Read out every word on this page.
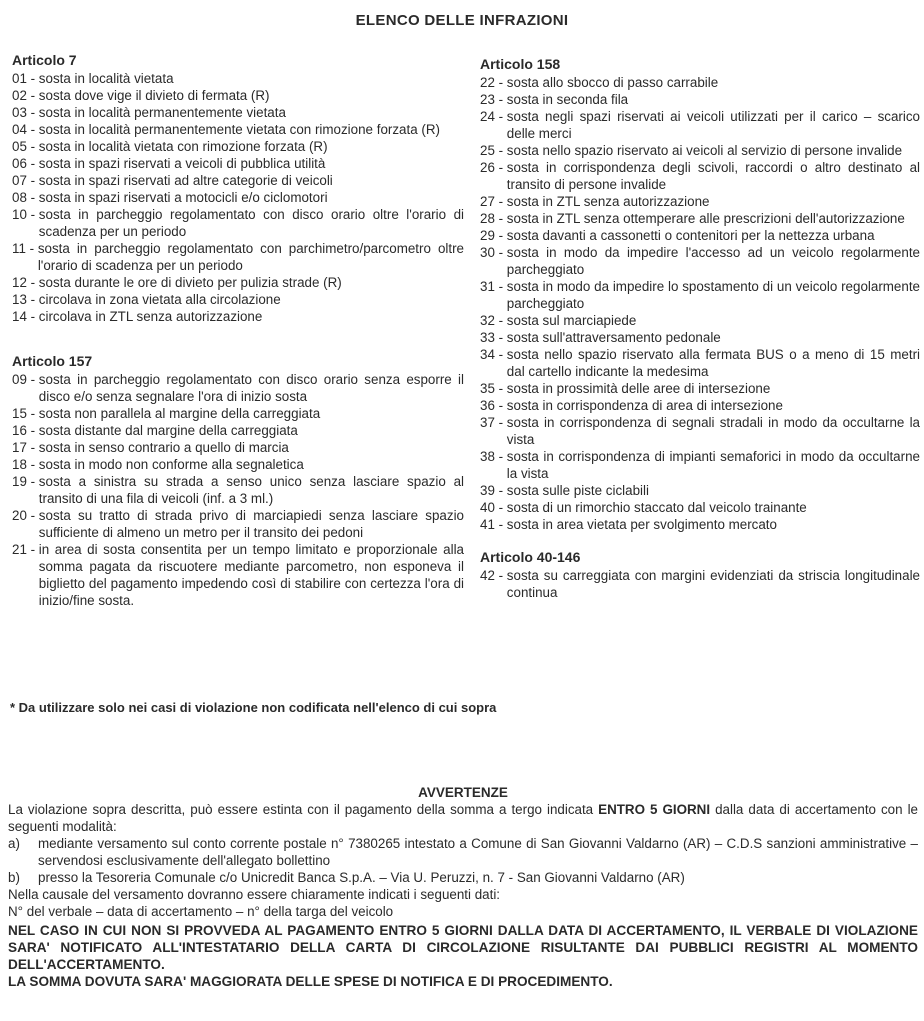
ELENCO DELLE INFRAZIONI
Articolo 7
01 - sosta in località vietata
02 - sosta dove vige il divieto di fermata (R)
03 - sosta in località permanentemente vietata
04 - sosta in località permanentemente vietata con rimozione forzata (R)
05 - sosta in località vietata con rimozione forzata (R)
06 - sosta in spazi riservati a veicoli di pubblica utilità
07 - sosta in spazi riservati ad altre categorie di veicoli
08 - sosta in spazi riservati a motocicli e/o ciclomotori
10 - sosta in parcheggio regolamentato con disco orario oltre l'orario di scadenza per un periodo
11 - sosta in parcheggio regolamentato con parchimetro/parcometro oltre l'orario di scadenza per un periodo
12 - sosta durante le ore di divieto per pulizia strade (R)
13 - circolava in zona vietata alla circolazione
14 - circolava in ZTL senza autorizzazione
Articolo 157
09 - sosta in parcheggio regolamentato con disco orario senza esporre il disco e/o senza segnalare l'ora di inizio sosta
15 - sosta non parallela al margine della carreggiata
16 - sosta distante dal margine della carreggiata
17 - sosta in senso contrario a quello di marcia
18 - sosta in modo non conforme alla segnaletica
19 - sosta a sinistra su strada a senso unico senza lasciare spazio al transito di una fila di veicoli (inf. a 3 ml.)
20 - sosta su tratto di strada privo di marciapiedi senza lasciare spazio sufficiente di almeno un metro per il transito dei pedoni
21 - in area di sosta consentita per un tempo limitato e proporzionale alla somma pagata da riscuotere mediante parcometro, non esponeva il biglietto del pagamento impedendo così di stabilire con certezza l'ora di inizio/fine sosta.
Articolo 158
22 - sosta allo sbocco di passo carrabile
23 - sosta in seconda fila
24 - sosta negli spazi riservati ai veicoli utilizzati per il carico – scarico delle merci
25 - sosta nello spazio riservato ai veicoli al servizio di persone invalide
26 - sosta in corrispondenza degli scivoli, raccordi o altro destinato al transito di persone invalide
27 - sosta in ZTL senza autorizzazione
28 - sosta in ZTL senza ottemperare alle prescrizioni dell'autorizzazione
29 - sosta davanti a cassonetti o contenitori per la nettezza urbana
30 - sosta in modo da impedire l'accesso ad un veicolo regolarmente parcheggiato
31 - sosta in modo da impedire lo spostamento di un veicolo regolarmente parcheggiato
32 - sosta sul marciapiede
33 - sosta sull'attraversamento pedonale
34 - sosta nello spazio riservato alla fermata BUS o a meno di 15 metri dal cartello indicante la medesima
35 - sosta in prossimità delle aree di intersezione
36 - sosta in corrispondenza di area di intersezione
37 - sosta in corrispondenza di segnali stradali in modo da occultarne la vista
38 - sosta in corrispondenza di impianti semaforici in modo da occultarne la vista
39 - sosta sulle piste ciclabili
40 - sosta di un rimorchio staccato dal veicolo trainante
41 - sosta in area vietata per svolgimento mercato
Articolo 40-146
42 - sosta su carreggiata con margini evidenziati da striscia longitudinale continua
* Da utilizzare solo nei casi di violazione non codificata nell'elenco di cui sopra
AVVERTENZE

La violazione sopra descritta, può essere estinta con il pagamento della somma a tergo indicata ENTRO 5 GIORNI dalla data di accertamento con le seguenti modalità:

a)	mediante versamento sul conto corrente postale n° 7380265 intestato a Comune di San Giovanni Valdarno (AR) – C.D.S sanzioni amministrative – servendosi esclusivamente dell'allegato bollettino
b)	presso la Tesoreria Comunale c/o Unicredit Banca S.p.A. – Via U. Peruzzi, n. 7 - San Giovanni Valdarno (AR)

Nella causale del versamento dovranno essere chiaramente indicati i seguenti dati:

N° del verbale – data di accertamento – n° della targa del veicolo

NEL CASO IN CUI NON SI PROVVEDA AL PAGAMENTO ENTRO 5 GIORNI DALLA DATA DI ACCERTAMENTO, IL VERBALE DI VIOLAZIONE SARA' NOTIFICATO ALL'INTESTATARIO DELLA CARTA DI CIRCOLAZIONE RISULTANTE DAI PUBBLICI REGISTRI AL MOMENTO DELL'ACCERTAMENTO.

LA SOMMA DOVUTA SARA' MAGGIORATA DELLE SPESE DI NOTIFICA E DI PROCEDIMENTO.
